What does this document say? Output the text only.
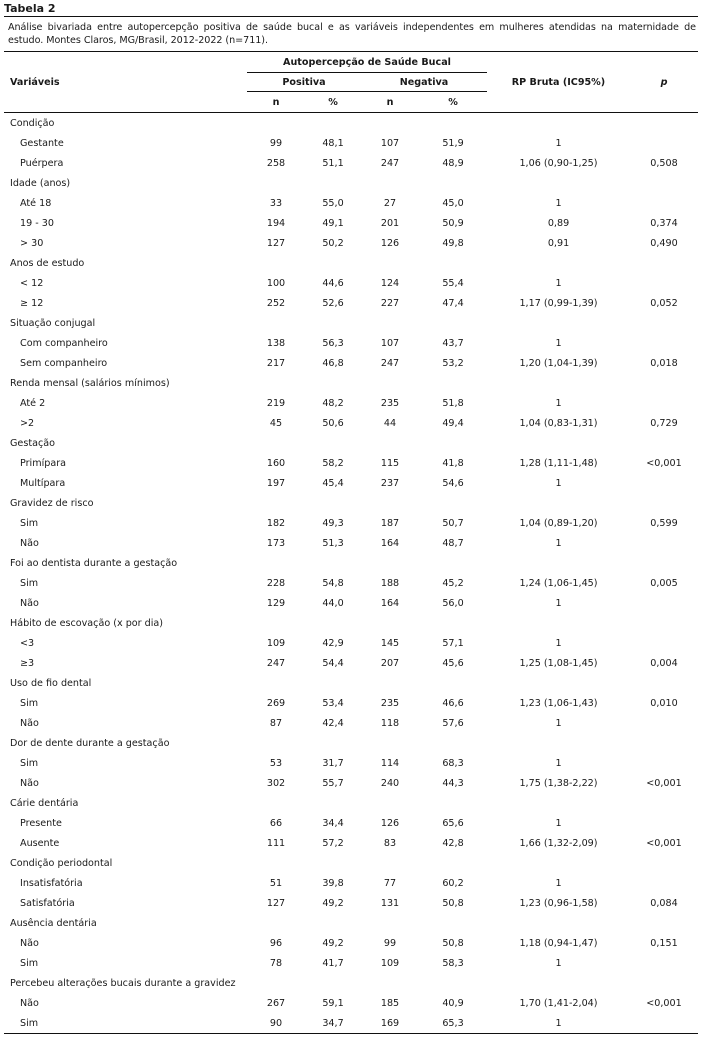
Tabela 2
Análise bivariada entre autopercepção positiva de saúde bucal e as variáveis independentes em mulheres atendidas na maternidade de estudo. Montes Claros, MG/Brasil, 2012-2022 (n=711).
Variáveis	Autopercepção de Saúde Bucal				RP Bruta (IC95%)	p
	Positiva		Negativa			
	n	%	n	%		
Condição						
Gestante	99	48,1	107	51,9	1	
Puérpera	258	51,1	247	48,9	1,06 (0,90-1,25)	0,508
Idade (anos)						
Até 18	33	55,0	27	45,0	1	
19 - 30	194	49,1	201	50,9	0,89	0,374
> 30	127	50,2	126	49,8	0,91	0,490
Anos de estudo						
< 12	100	44,6	124	55,4	1	
≥ 12	252	52,6	227	47,4	1,17 (0,99-1,39)	0,052
Situação conjugal						
Com companheiro	138	56,3	107	43,7	1	
Sem companheiro	217	46,8	247	53,2	1,20 (1,04-1,39)	0,018
Renda mensal (salários mínimos)						
Até 2	219	48,2	235	51,8	1	
>2	45	50,6	44	49,4	1,04 (0,83-1,31)	0,729
Gestação						
Primípara	160	58,2	115	41,8	1,28 (1,11-1,48)	<0,001
Multípara	197	45,4	237	54,6	1	
Gravidez de risco						
Sim	182	49,3	187	50,7	1,04 (0,89-1,20)	0,599
Não	173	51,3	164	48,7	1	
Foi ao dentista durante a gestação						
Sim	228	54,8	188	45,2	1,24 (1,06-1,45)	0,005
Não	129	44,0	164	56,0	1	
Hábito de escovação (x por dia)						
<3	109	42,9	145	57,1	1	
≥3	247	54,4	207	45,6	1,25 (1,08-1,45)	0,004
Uso de fio dental						
Sim	269	53,4	235	46,6	1,23 (1,06-1,43)	0,010
Não	87	42,4	118	57,6	1	
Dor de dente durante a gestação						
Sim	53	31,7	114	68,3	1	
Não	302	55,7	240	44,3	1,75 (1,38-2,22)	<0,001
Cárie dentária						
Presente	66	34,4	126	65,6	1	
Ausente	111	57,2	83	42,8	1,66 (1,32-2,09)	<0,001
Condição periodontal						
Insatisfatória	51	39,8	77	60,2	1	
Satisfatória	127	49,2	131	50,8	1,23 (0,96-1,58)	0,084
Ausência dentária						
Não	96	49,2	99	50,8	1,18 (0,94-1,47)	0,151
Sim	78	41,7	109	58,3	1	
Percebeu alterações bucais durante a gravidez						
Não	267	59,1	185	40,9	1,70 (1,41-2,04)	<0,001
Sim	90	34,7	169	65,3	1	
